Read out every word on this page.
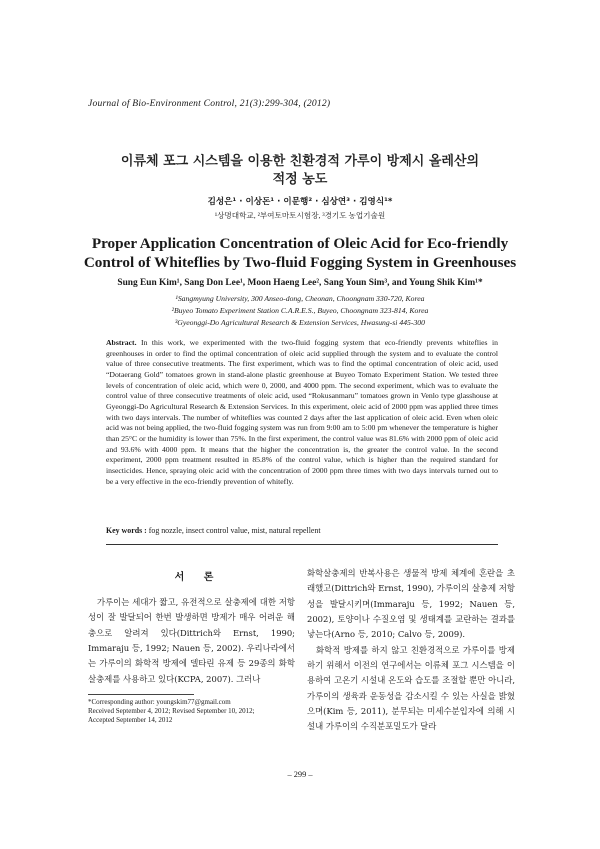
Journal of Bio-Environment Control, 21(3):299-304, (2012)
이류체 포그 시스템을 이용한 친환경적 가루이 방제시 올레산의
적정 농도
김성은¹ · 이상돈¹ · 이문행² · 심상연³ · 김영식¹*
¹상명대학교, ²부여토마토시험장, ³경기도 농업기술원
Proper Application Concentration of Oleic Acid for Eco-friendly
Control of Whiteflies by Two-fluid Fogging System in Greenhouses
Sung Eun Kim¹, Sang Don Lee¹, Moon Haeng Lee², Sang Youn Sim³, and Young Shik Kim¹*
¹Sangmyung University, 300 Anseo-dong, Cheonan, Choongnam 330-720, Korea
²Buyeo Tomato Experiment Station C.A.R.E.S., Buyeo, Choongnam 323-814, Korea
³Gyeonggi-Do Agricultural Research & Extension Services, Hwasung-si 445-300
Abstract. In this work, we experimented with the two-fluid fogging system that eco-friendly prevents whiteflies in greenhouses in order to find the optimal concentration of oleic acid supplied through the system and to evaluate the control value of three consecutive treatments. The first experiment, which was to find the optimal concentration of oleic acid, used “Dotaerang Gold” tomatoes grown in stand-alone plastic greenhouse at Buyeo Tomato Experiment Station. We tested three levels of concentration of oleic acid, which were 0, 2000, and 4000 ppm. The second experiment, which was to evaluate the control value of three consecutive treatments of oleic acid, used “Rokusanmaru” tomatoes grown in Venlo type glasshouse at Gyeonggi-Do Agricultural Research & Extension Services. In this experiment, oleic acid of 2000 ppm was applied three times with two days intervals. The number of whiteflies was counted 2 days after the last application of oleic acid. Even when oleic acid was not being applied, the two-fluid fogging system was run from 9:00 am to 5:00 pm whenever the temperature is higher than 25°C or the humidity is lower than 75%. In the first experiment, the control value was 81.6% with 2000 ppm of oleic acid and 93.6% with 4000 ppm. It means that the higher the concentration is, the greater the control value. In the second experiment, 2000 ppm treatment resulted in 85.8% of the control value, which is higher than the required standard for insecticides. Hence, spraying oleic acid with the concentration of 2000 ppm three times with two days intervals turned out to be a very effective in the eco-friendly prevention of whitefly.
Key words : fog nozzle, insect control value, mist, natural repellent
서 론

가루이는 세대가 짧고, 유전적으로 살충제에 대한 저항성이 잘 발달되어 한번 발생하면 방제가 매우 어려운 해충으로 알려져 있다(Dittrich와 Ernst, 1990; Immaraju 등, 1992; Nauen 등, 2002). 우리나라에서는 가루이의 화학적 방제에 델타린 유제 등 29종의 화학 살충제를 사용하고 있다(KCPA, 2007). 그러나

화학살충제의 반복사용은 생물적 방제 체계에 혼란을 초래했고(Dittrich와 Ernst, 1990), 가루이의 살충제 저항성을 발달시키며(Immaraju 등, 1992; Nauen 등, 2002), 토양이나 수질오염 및 생태계를 교란하는 결과를 낳는다(Arno 등, 2010; Calvo 등, 2009).

화학적 방제를 하지 않고 친환경적으로 가루이를 방제하기 위해서 이전의 연구에서는 이류체 포그 시스템을 이용하여 고온기 시설내 온도와 습도를 조절할 뿐만 아니라, 가루이의 생육과 운동성을 감소시킬 수 있는 사실을 밝혔으며(Kim 등, 2011), 분무되는 미세수분입자에 의해 시설내 가루이의 수직분포밀도가 달라

*Corresponding author: youngskim77@gmail.com
Received September 4, 2012; Revised September 10, 2012;
Accepted September 14, 2012
– 299 –
